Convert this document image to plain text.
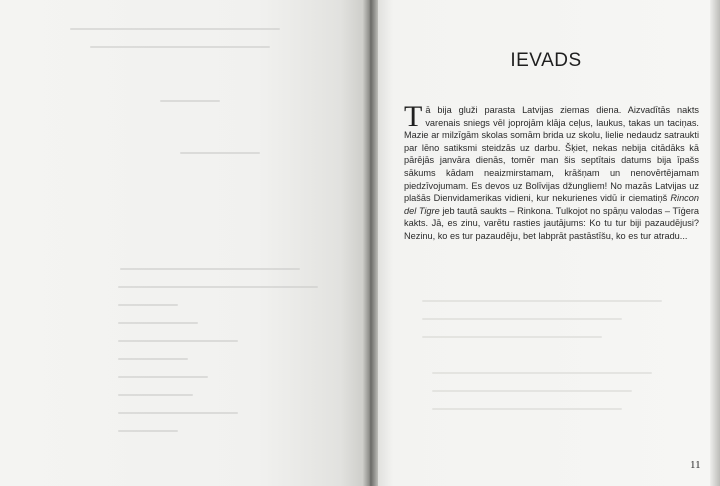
IEVADS
Tā bija gluži parasta Latvijas ziemas diena. Aizvadītās nakts varenais sniegs vēl joprojām klāja ceļus, laukus, takas un taciņas. Mazie ar milzīgām skolas somām brida uz skolu, lielie nedaudz satraukti par lēno satiksmi steidzās uz darbu. Šķiet, nekas nebija citādāks kā pārējās janvāra dienās, tomēr man šis septītais datums bija īpašs sākums kādam neaizmirstamam, krāšņam un nenovērtējamam piedzīvojumam. Es devos uz Bolīvijas džungliem! No mazās Latvijas uz plašās Dienvidamerikas vidieni, kur nekurienes vidū ir ciematiņš Rincon del Tigre jeb tautā saukts – Rinkona. Tulkojot no spāņu valodas – Tīģera kakts. Jā, es zinu, varētu rasties jautājums: Ko tu tur biji pazaudējusi? Nezinu, ko es tur pazaudēju, bet labprāt pastāstīšu, ko es tur atradu...
11
